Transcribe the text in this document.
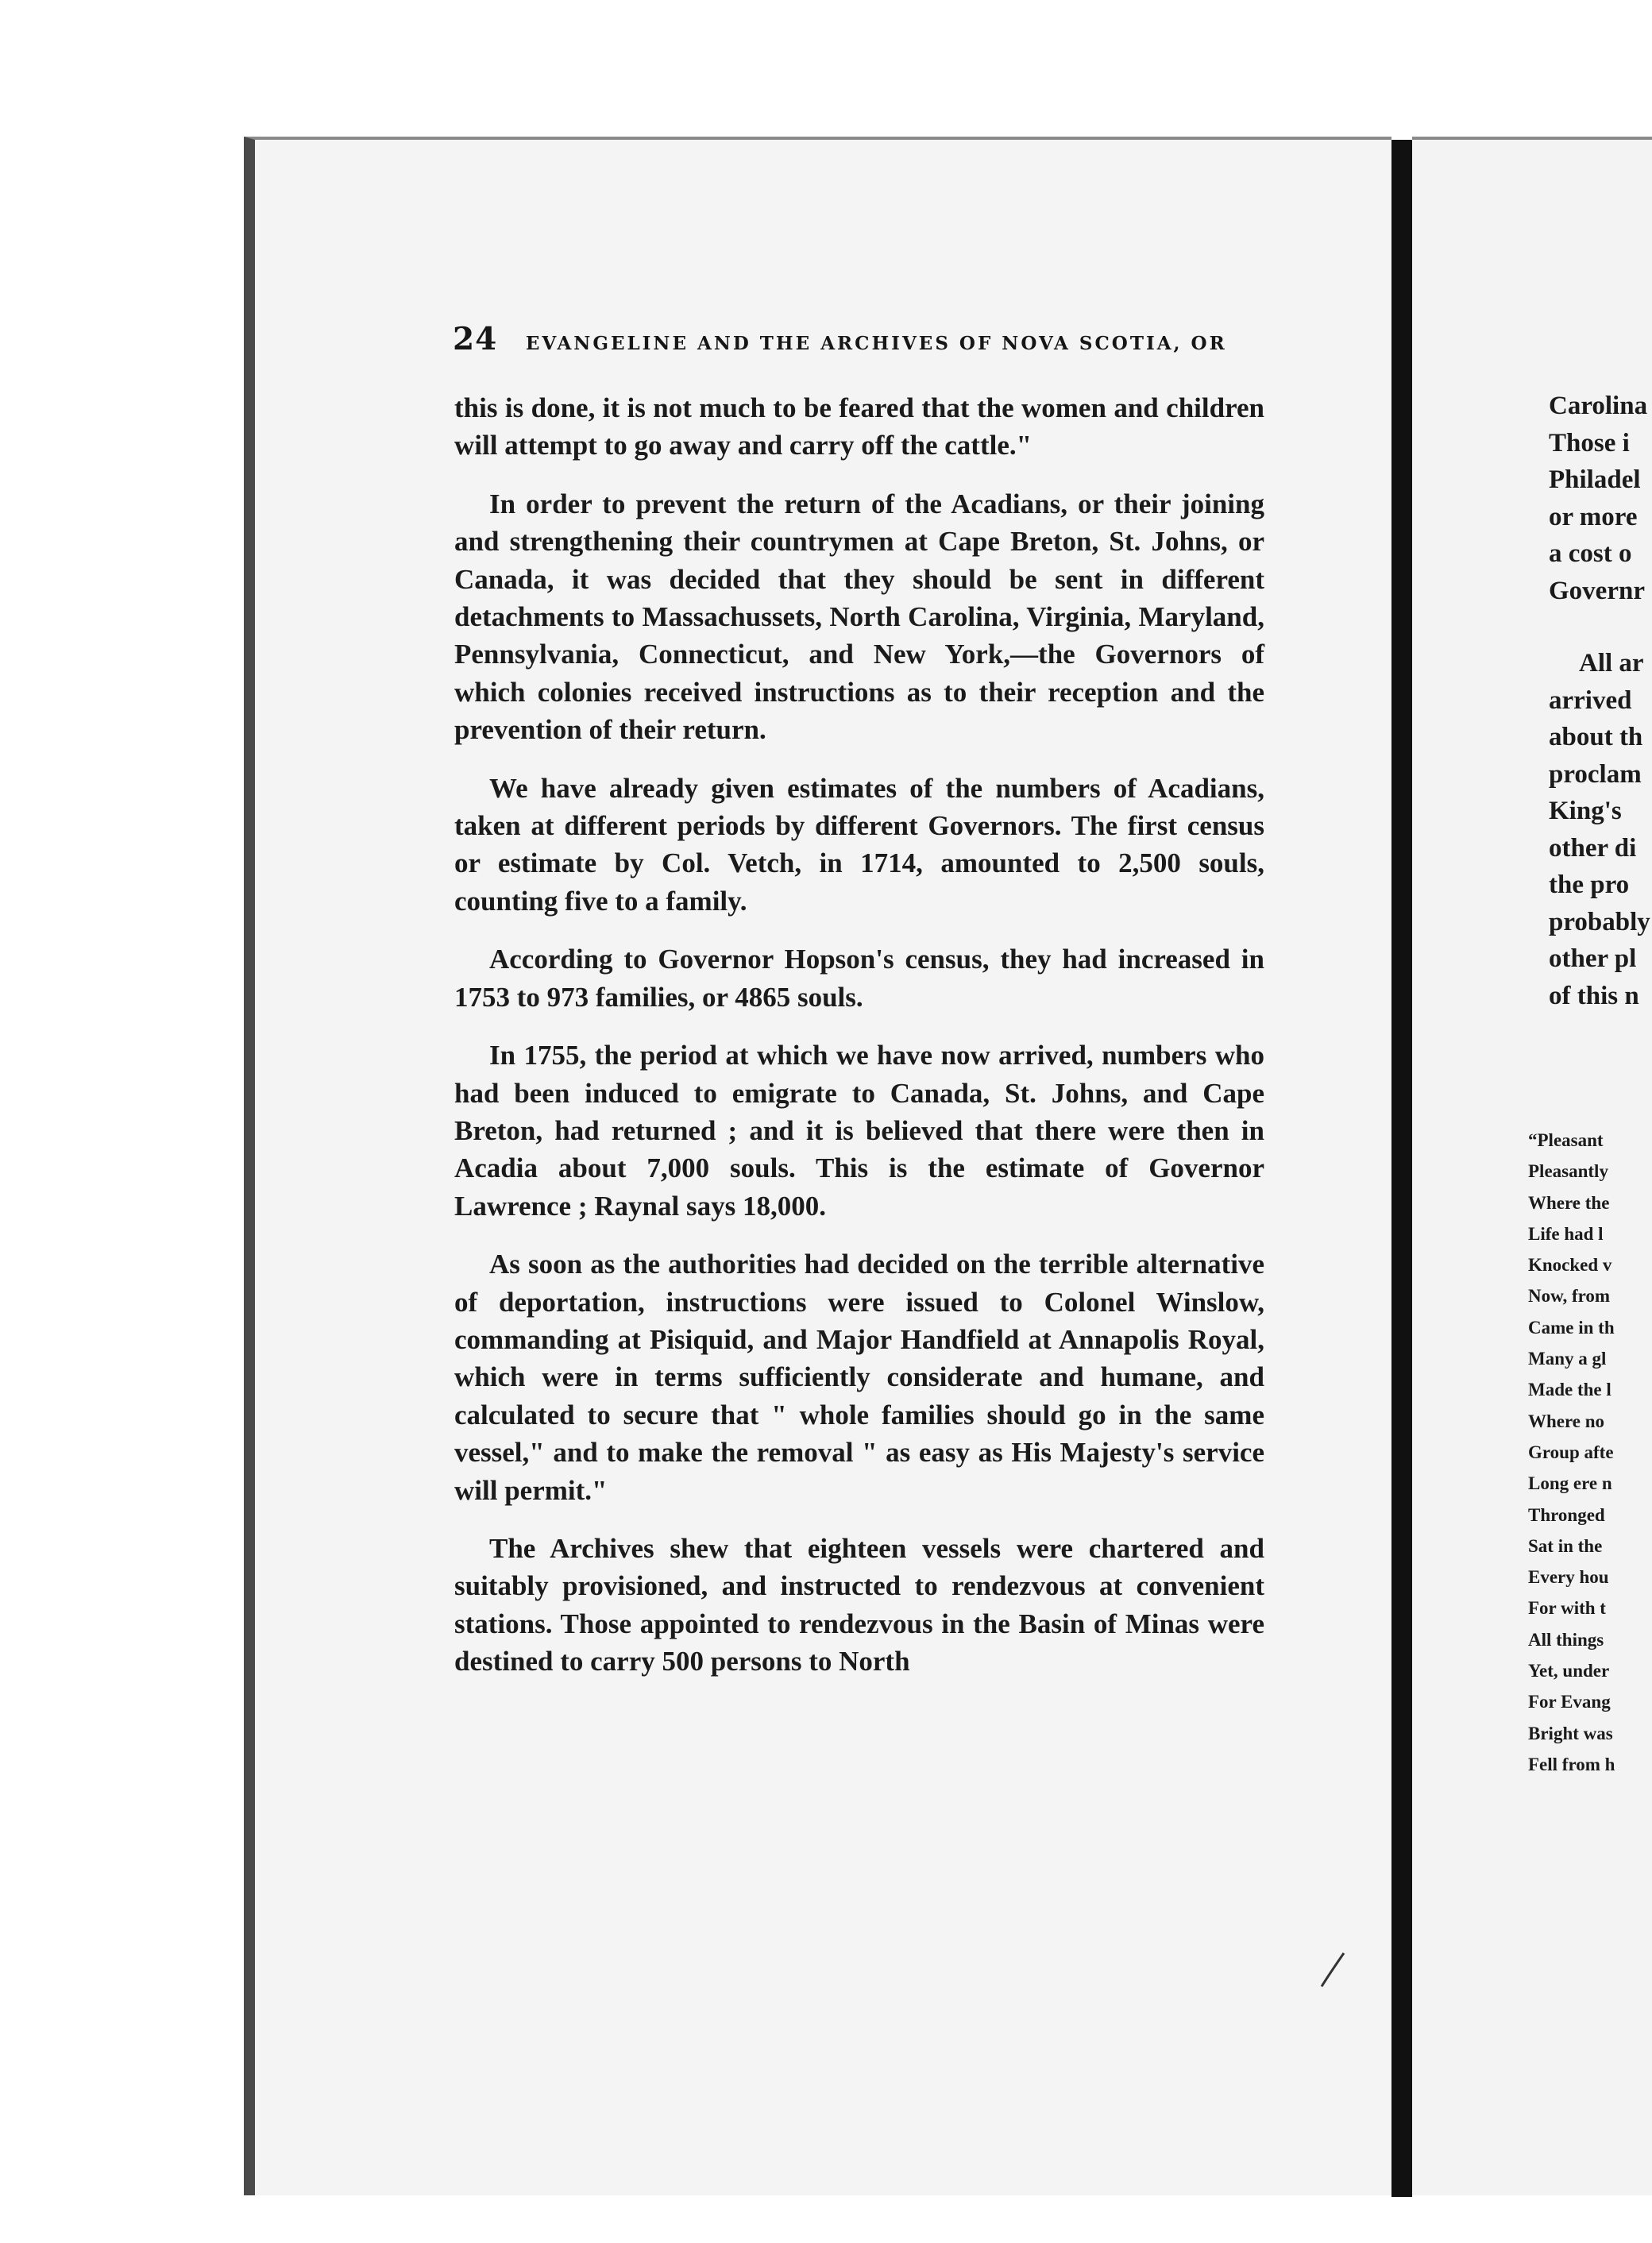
24 EVANGELINE AND THE ARCHIVES OF NOVA SCOTIA, OR

this is done, it is not much to be feared that the women and children will attempt to go away and carry off the cattle."

In order to prevent the return of the Acadians, or their joining and strengthening their countrymen at Cape Breton, St. Johns, or Canada, it was decided that they should be sent in different detachments to Massachussets, North Carolina, Virginia, Maryland, Pennsylvania, Connecticut, and New York,—the Governors of which colonies received instructions as to their reception and the prevention of their return.

We have already given estimates of the numbers of Acadians, taken at different periods by different Governors. The first census or estimate by Col. Vetch, in 1714, amounted to 2,500 souls, counting five to a family.

According to Governor Hopson's census, they had increased in 1753 to 973 families, or 4865 souls.

In 1755, the period at which we have now arrived, numbers who had been induced to emigrate to Canada, St. Johns, and Cape Breton, had returned ; and it is believed that there were then in Acadia about 7,000 souls. This is the estimate of Governor Lawrence ; Raynal says 18,000.

As soon as the authorities had decided on the terrible alternative of deportation, instructions were issued to Colonel Winslow, commanding at Pisiquid, and Major Handfield at Annapolis Royal, which were in terms sufficiently considerate and humane, and calculated to secure that " whole families should go in the same vessel," and to make the removal " as easy as His Majesty's service will permit."

The Archives shew that eighteen vessels were chartered and suitably provisioned, and instructed to rendezvous at convenient stations. Those appointed to rendezvous in the Basin of Minas were destined to carry 500 persons to North

Carolina
Those i
Philadel
or more
a cost o
Governr
All ar
arrived
about th
proclam
King's
other di
the pro
probably
other pl
of this n
“Pleasant
Pleasantly
Where the
Life had l
Knocked v
Now, from
Came in th
Many a gl
Made the l
Where no
Group afte
Long ere n
Thronged
Sat in the
Every hou
For with t
All things
Yet, under
For Evang
Bright was
Fell from h
